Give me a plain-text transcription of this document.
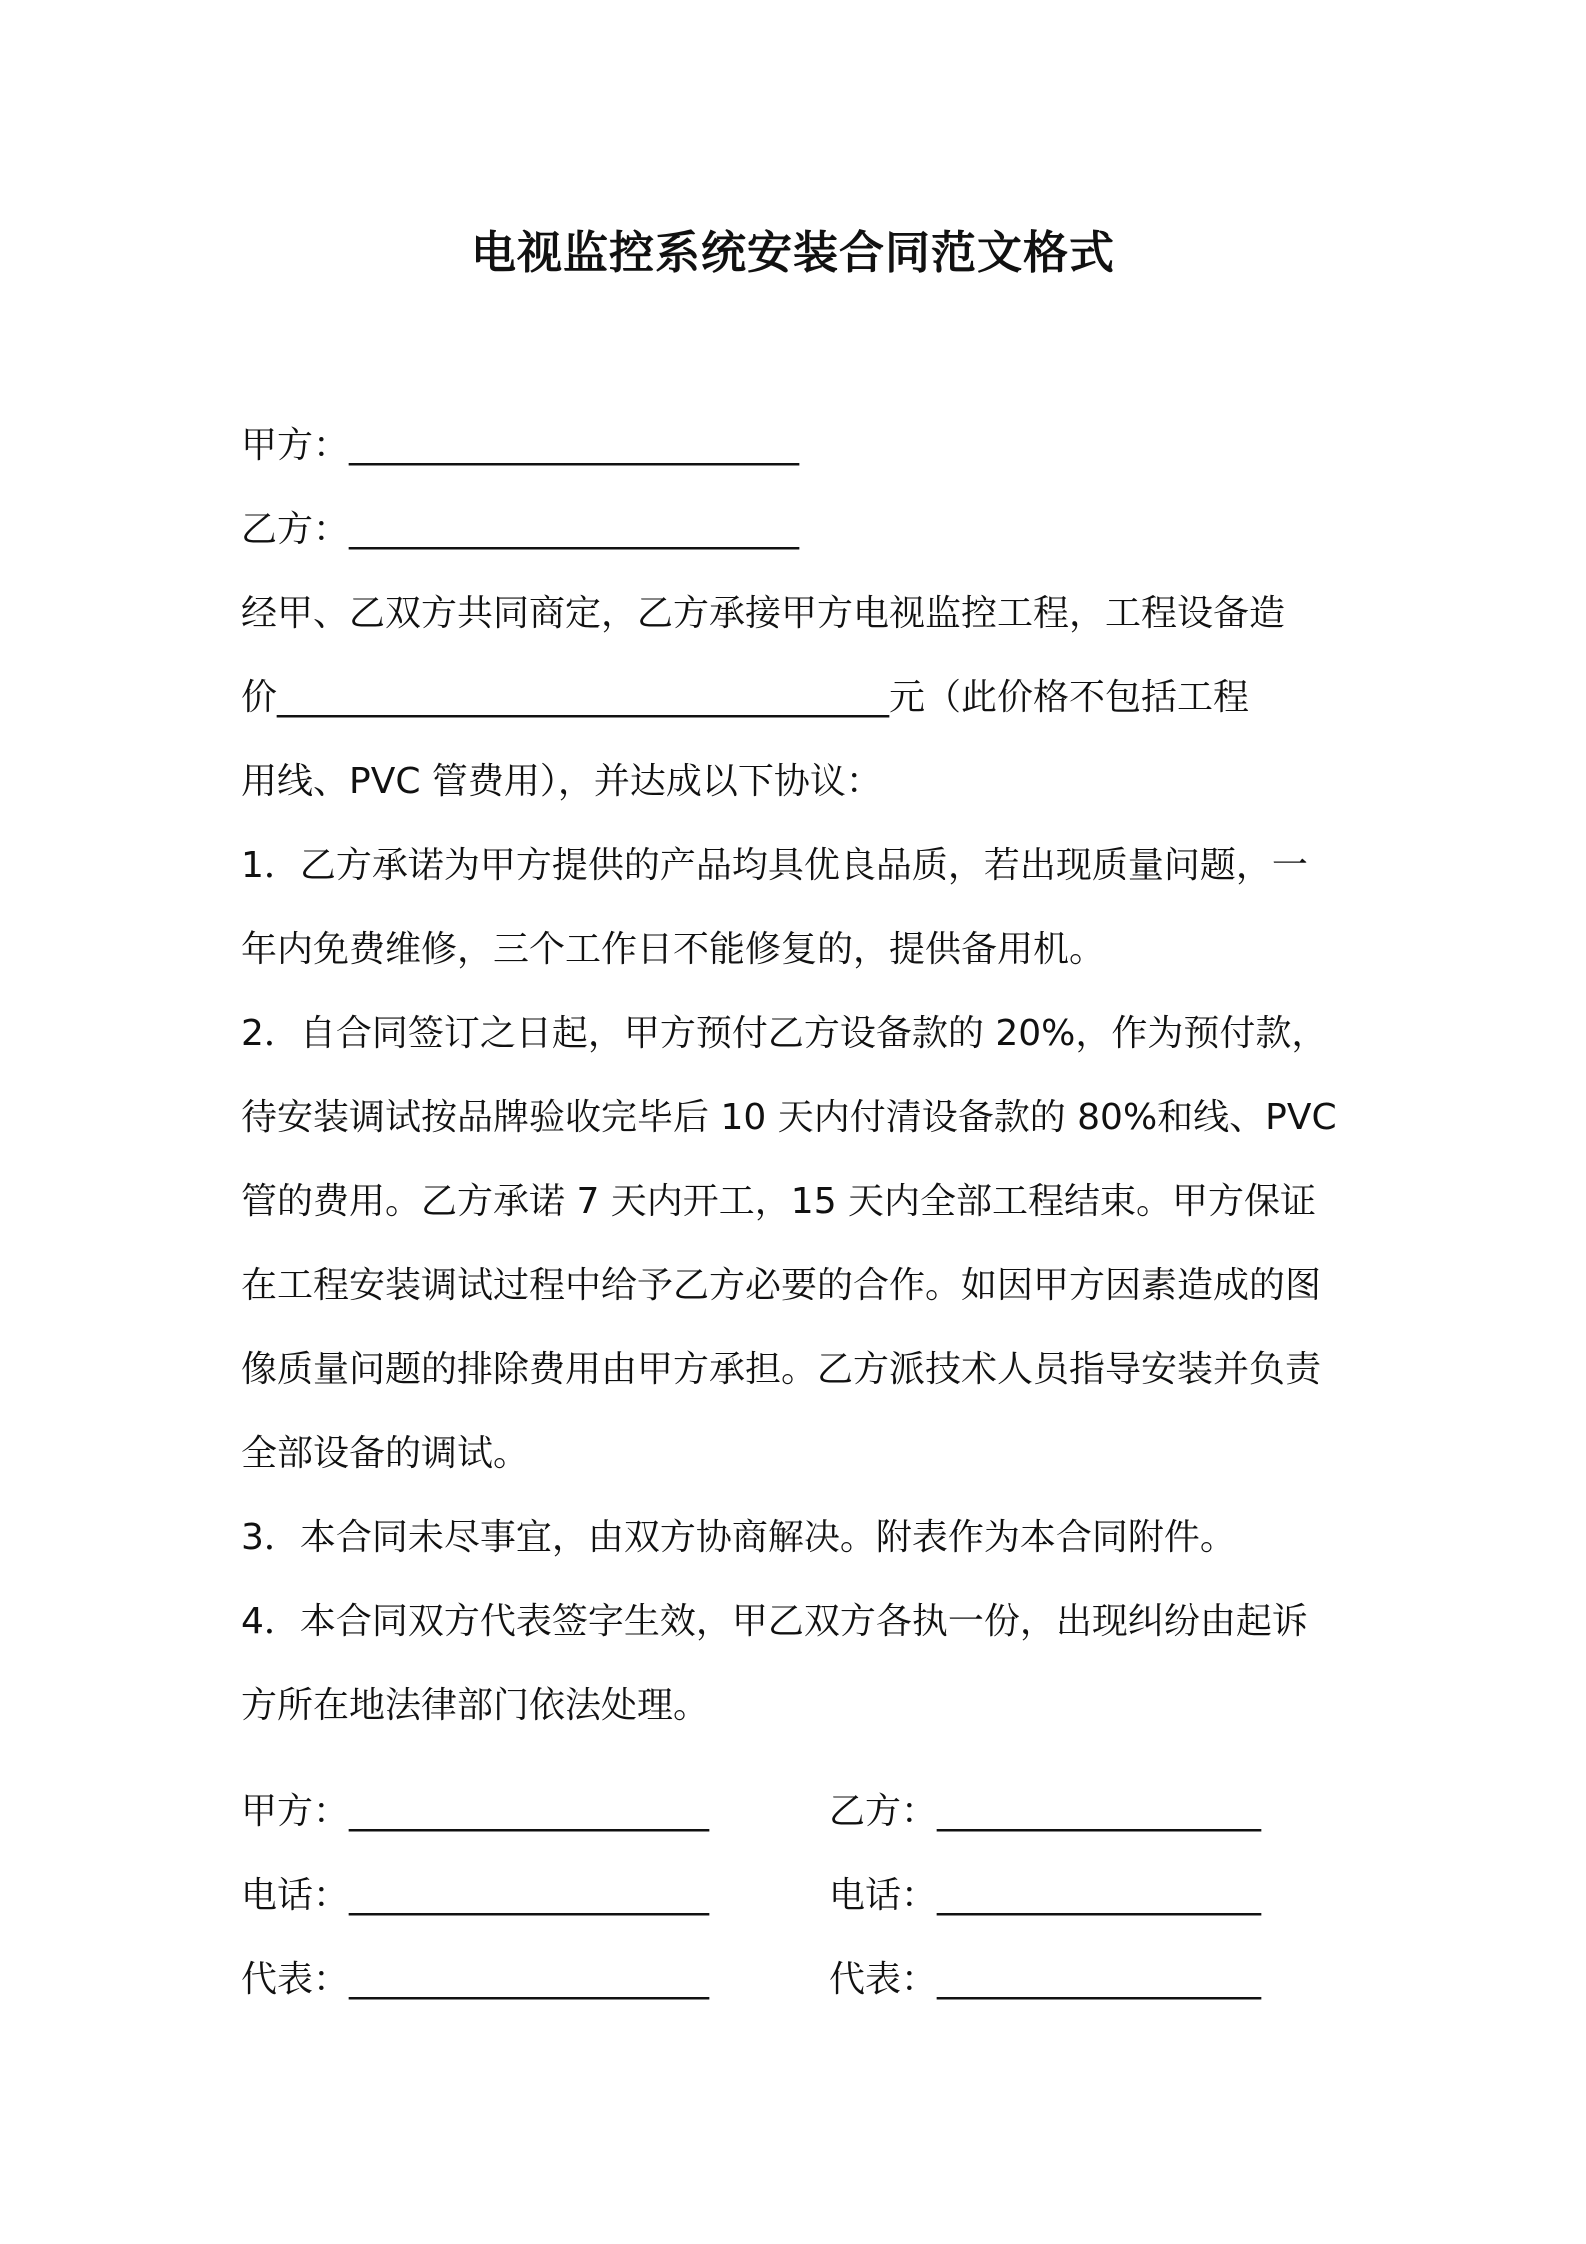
电视监控系统安装合同范文格式
甲方：_________________________
乙方：_________________________
经甲、乙双方共同商定，乙方承接甲方电视监控工程，工程设备造
价__________________________________元（此价格不包括工程
用线、PVC 管费用），并达成以下协议：
1．乙方承诺为甲方提供的产品均具优良品质，若出现质量问题，一
年内免费维修，三个工作日不能修复的，提供备用机。
2．自合同签订之日起，甲方预付乙方设备款的 20%，作为预付款，
待安装调试按品牌验收完毕后 10 天内付清设备款的 80%和线、PVC
管的费用。乙方承诺 7 天内开工，15 天内全部工程结束。甲方保证
在工程安装调试过程中给予乙方必要的合作。如因甲方因素造成的图
像质量问题的排除费用由甲方承担。乙方派技术人员指导安装并负责
全部设备的调试。
3．本合同未尽事宜，由双方协商解决。附表作为本合同附件。
4．本合同双方代表签字生效，甲乙双方各执一份，出现纠纷由起诉
方所在地法律部门依法处理。
甲方：____________________	乙方：__________________
电话：____________________	电话：__________________
代表：____________________	代表：__________________
